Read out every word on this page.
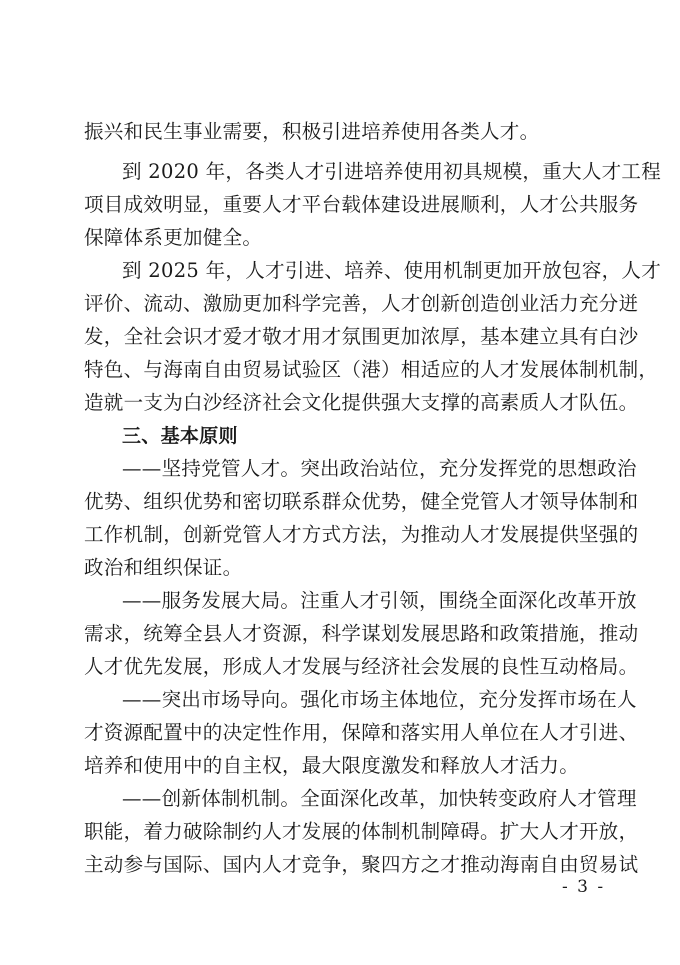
振兴和民生事业需要，积极引进培养使用各类人才。
到 2020 年，各类人才引进培养使用初具规模，重大人才工程
项目成效明显，重要人才平台载体建设进展顺利，人才公共服务
保障体系更加健全。
到 2025 年，人才引进、培养、使用机制更加开放包容，人才
评价、流动、激励更加科学完善，人才创新创造创业活力充分迸
发，全社会识才爱才敬才用才氛围更加浓厚，基本建立具有白沙
特色、与海南自由贸易试验区（港）相适应的人才发展体制机制，
造就一支为白沙经济社会文化提供强大支撑的高素质人才队伍。
三、基本原则
——坚持党管人才。突出政治站位，充分发挥党的思想政治
优势、组织优势和密切联系群众优势，健全党管人才领导体制和
工作机制，创新党管人才方式方法，为推动人才发展提供坚强的
政治和组织保证。
——服务发展大局。注重人才引领，围绕全面深化改革开放
需求，统筹全县人才资源，科学谋划发展思路和政策措施，推动
人才优先发展，形成人才发展与经济社会发展的良性互动格局。
——突出市场导向。强化市场主体地位，充分发挥市场在人
才资源配置中的决定性作用，保障和落实用人单位在人才引进、
培养和使用中的自主权，最大限度激发和释放人才活力。
——创新体制机制。全面深化改革，加快转变政府人才管理
职能，着力破除制约人才发展的体制机制障碍。扩大人才开放，
主动参与国际、国内人才竞争，聚四方之才推动海南自由贸易试
- 3 -
